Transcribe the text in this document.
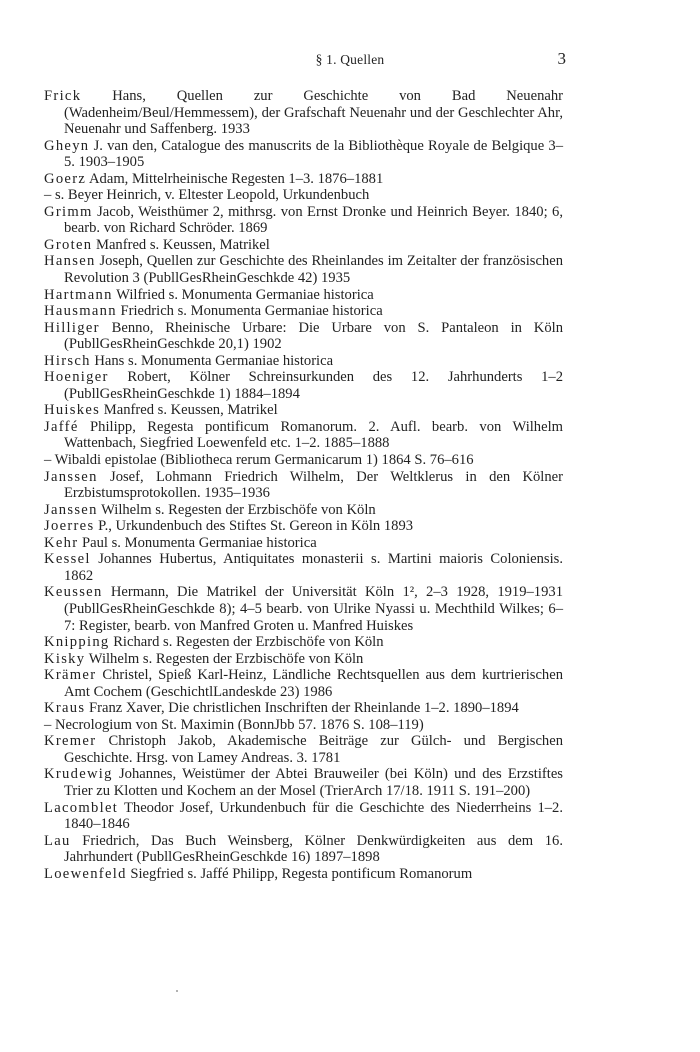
§ 1. Quellen	3
Frick Hans, Quellen zur Geschichte von Bad Neuenahr (Wadenheim/Beul/Hemmessem), der Grafschaft Neuenahr und der Geschlechter Ahr, Neuenahr und Saffenberg. 1933
Gheyn J. van den, Catalogue des manuscrits de la Bibliothèque Royale de Belgique 3–5. 1903–1905
Goerz Adam, Mittelrheinische Regesten 1–3. 1876–1881
– s. Beyer Heinrich, v. Eltester Leopold, Urkundenbuch
Grimm Jacob, Weisthümer 2, mithrsg. von Ernst Dronke und Heinrich Beyer. 1840; 6, bearb. von Richard Schröder. 1869
Groten Manfred s. Keussen, Matrikel
Hansen Joseph, Quellen zur Geschichte des Rheinlandes im Zeitalter der französischen Revolution 3 (PubllGesRheinGeschkde 42) 1935
Hartmann Wilfried s. Monumenta Germaniae historica
Hausmann Friedrich s. Monumenta Germaniae historica
Hilliger Benno, Rheinische Urbare: Die Urbare von S. Pantaleon in Köln (PubllGesRheinGeschkde 20,1) 1902
Hirsch Hans s. Monumenta Germaniae historica
Hoeniger Robert, Kölner Schreinsurkunden des 12. Jahrhunderts 1–2 (PubllGesRheinGeschkde 1) 1884–1894
Huiskes Manfred s. Keussen, Matrikel
Jaffé Philipp, Regesta pontificum Romanorum. 2. Aufl. bearb. von Wilhelm Wattenbach, Siegfried Loewenfeld etc. 1–2. 1885–1888
– Wibaldi epistolae (Bibliotheca rerum Germanicarum 1) 1864 S. 76–616
Janssen Josef, Lohmann Friedrich Wilhelm, Der Weltklerus in den Kölner Erzbistumsprotokollen. 1935–1936
Janssen Wilhelm s. Regesten der Erzbischöfe von Köln
Joerres P., Urkundenbuch des Stiftes St. Gereon in Köln 1893
Kehr Paul s. Monumenta Germaniae historica
Kessel Johannes Hubertus, Antiquitates monasterii s. Martini maioris Coloniensis. 1862
Keussen Hermann, Die Matrikel der Universität Köln 1², 2–3 1928, 1919–1931 (PubllGesRheinGeschkde 8); 4–5 bearb. von Ulrike Nyassi u. Mechthild Wilkes; 6–7: Register, bearb. von Manfred Groten u. Manfred Huiskes
Knipping Richard s. Regesten der Erzbischöfe von Köln
Kisky Wilhelm s. Regesten der Erzbischöfe von Köln
Krämer Christel, Spieß Karl-Heinz, Ländliche Rechtsquellen aus dem kurtrierischen Amt Cochem (GeschichtlLandeskde 23) 1986
Kraus Franz Xaver, Die christlichen Inschriften der Rheinlande 1–2. 1890–1894
– Necrologium von St. Maximin (BonnJbb 57. 1876 S. 108–119)
Kremer Christoph Jakob, Akademische Beiträge zur Gülch- und Bergischen Geschichte. Hrsg. von Lamey Andreas. 3. 1781
Krudewig Johannes, Weistümer der Abtei Brauweiler (bei Köln) und des Erzstiftes Trier zu Klotten und Kochem an der Mosel (TrierArch 17/18. 1911 S. 191–200)
Lacomblet Theodor Josef, Urkundenbuch für die Geschichte des Niederrheins 1–2. 1840–1846
Lau Friedrich, Das Buch Weinsberg, Kölner Denkwürdigkeiten aus dem 16. Jahrhundert (PubllGesRheinGeschkde 16) 1897–1898
Loewenfeld Siegfried s. Jaffé Philipp, Regesta pontificum Romanorum
